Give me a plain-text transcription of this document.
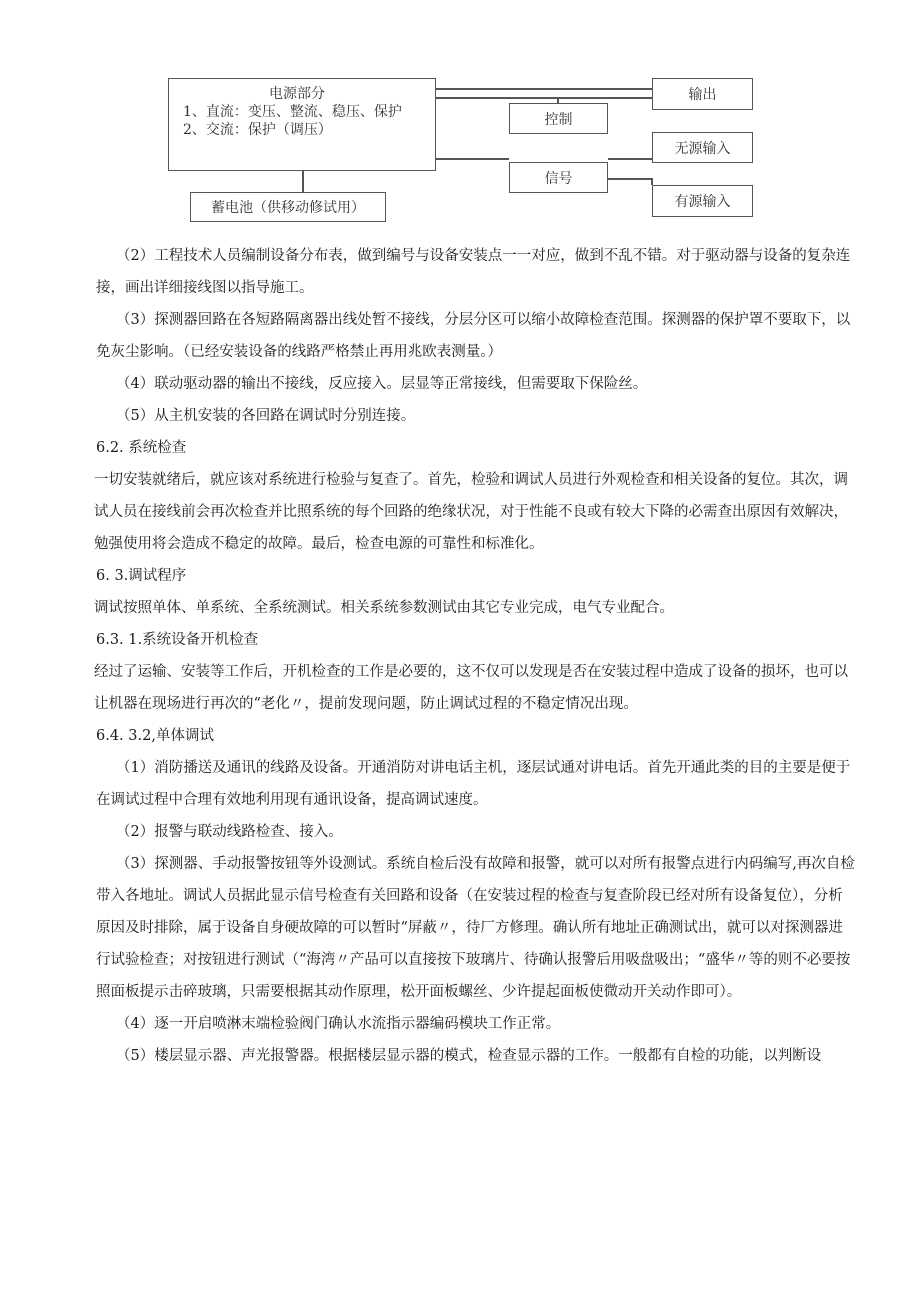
电源部分
1、直流：变压、整流、稳压、保护
2、交流：保护（调压）
蓄电池（供移动修试用）
控制
信号
输出
无源输入
有源输入

（2）工程技术人员编制设备分布表，做到编号与设备安装点一一对应，做到不乱不错。对于驱动器与设备的复杂连接，画出详细接线图以指导施工。

（3）探测器回路在各短路隔离器出线处暂不接线，分层分区可以缩小故障检查范围。探测器的保护罩不要取下，以免灰尘影响。（已经安装设备的线路严格禁止再用兆欧表测量。）

（4）联动驱动器的输出不接线，反应接入。层显等正常接线，但需要取下保险丝。

（5）从主机安装的各回路在调试时分别连接。

6.2. 系统检查

一切安装就绪后，就应该对系统进行检验与复查了。首先，检验和调试人员进行外观检查和相关设备的复位。其次，调试人员在接线前会再次检查并比照系统的每个回路的绝缘状况，对于性能不良或有较大下降的必需查出原因有效解决，勉强使用将会造成不稳定的故障。最后，检查电源的可靠性和标准化。

6. 3.调试程序

调试按照单体、单系统、全系统测试。相关系统参数测试由其它专业完成，电气专业配合。

6.3. 1.系统设备开机检查

经过了运输、安装等工作后，开机检查的工作是必要的，这不仅可以发现是否在安装过程中造成了设备的损坏，也可以让机器在现场进行再次的“老化〃，提前发现问题，防止调试过程的不稳定情况出现。

6.4. 3.2,单体调试

（1）消防播送及通讯的线路及设备。开通消防对讲电话主机，逐层试通对讲电话。首先开通此类的目的主要是便于在调试过程中合理有效地利用现有通讯设备，提高调试速度。

（2）报警与联动线路检查、接入。

（3）探测器、手动报警按钮等外设测试。系统自检后没有故障和报警，就可以对所有报警点进行内码编写,再次自检带入各地址。调试人员据此显示信号检查有关回路和设备（在安装过程的检查与复查阶段已经对所有设备复位），分析原因及时排除，属于设备自身硬故障的可以暂时“屏蔽〃，待厂方修理。确认所有地址正确测试出，就可以对探测器进行试验检查；对按钮进行测试（“海湾〃产品可以直接按下玻璃片、待确认报警后用吸盘吸出；“盛华〃等的则不必要按照面板提示击碎玻璃，只需要根据其动作原理，松开面板螺丝、少许提起面板使微动开关动作即可）。

（4）逐一开启喷淋末端检验阀门确认水流指示器编码模块工作正常。

（5）楼层显示器、声光报警器。根据楼层显示器的模式，检查显示器的工作。一般都有自检的功能，以判断设
